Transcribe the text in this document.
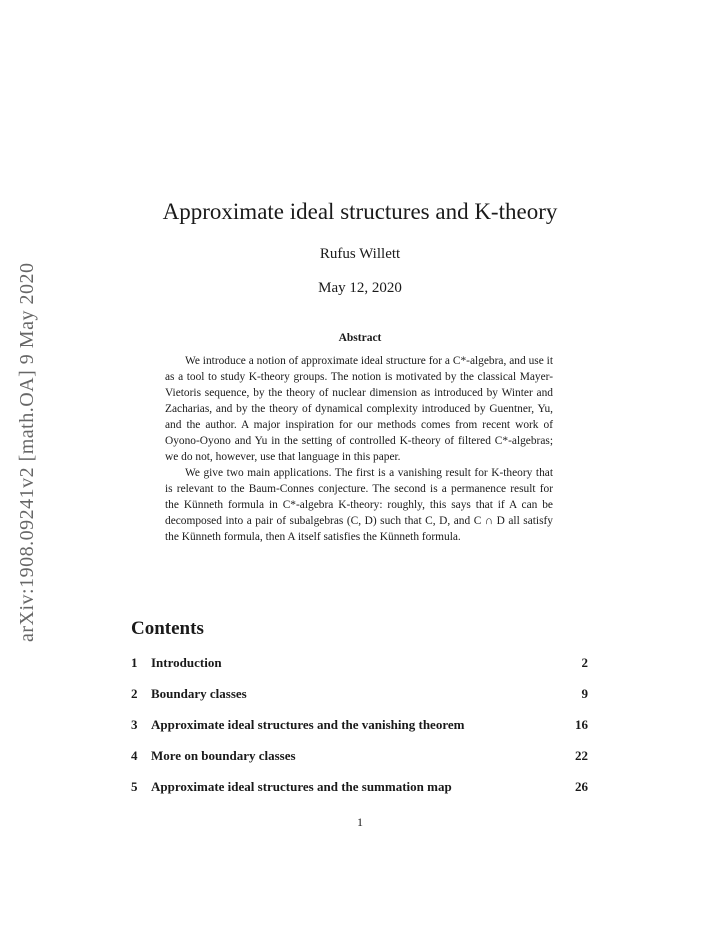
arXiv:1908.09241v2 [math.OA] 9 May 2020
Approximate ideal structures and K-theory
Rufus Willett
May 12, 2020
Abstract

We introduce a notion of approximate ideal structure for a C*-algebra, and use it as a tool to study K-theory groups. The notion is motivated by the classical Mayer-Vietoris sequence, by the theory of nuclear dimension as introduced by Winter and Zacharias, and by the theory of dynamical complexity introduced by Guentner, Yu, and the author. A major inspiration for our methods comes from recent work of Oyono-Oyono and Yu in the setting of controlled K-theory of filtered C*-algebras; we do not, however, use that language in this paper.

We give two main applications. The first is a vanishing result for K-theory that is relevant to the Baum-Connes conjecture. The second is a permanence result for the Künneth formula in C*-algebra K-theory: roughly, this says that if A can be decomposed into a pair of subalgebras (C, D) such that C, D, and C ∩ D all satisfy the Künneth formula, then A itself satisfies the Künneth formula.

Contents
1	Introduction	2
2	Boundary classes	9
3	Approximate ideal structures and the vanishing theorem	16
4	More on boundary classes	22
5	Approximate ideal structures and the summation map	26
1
